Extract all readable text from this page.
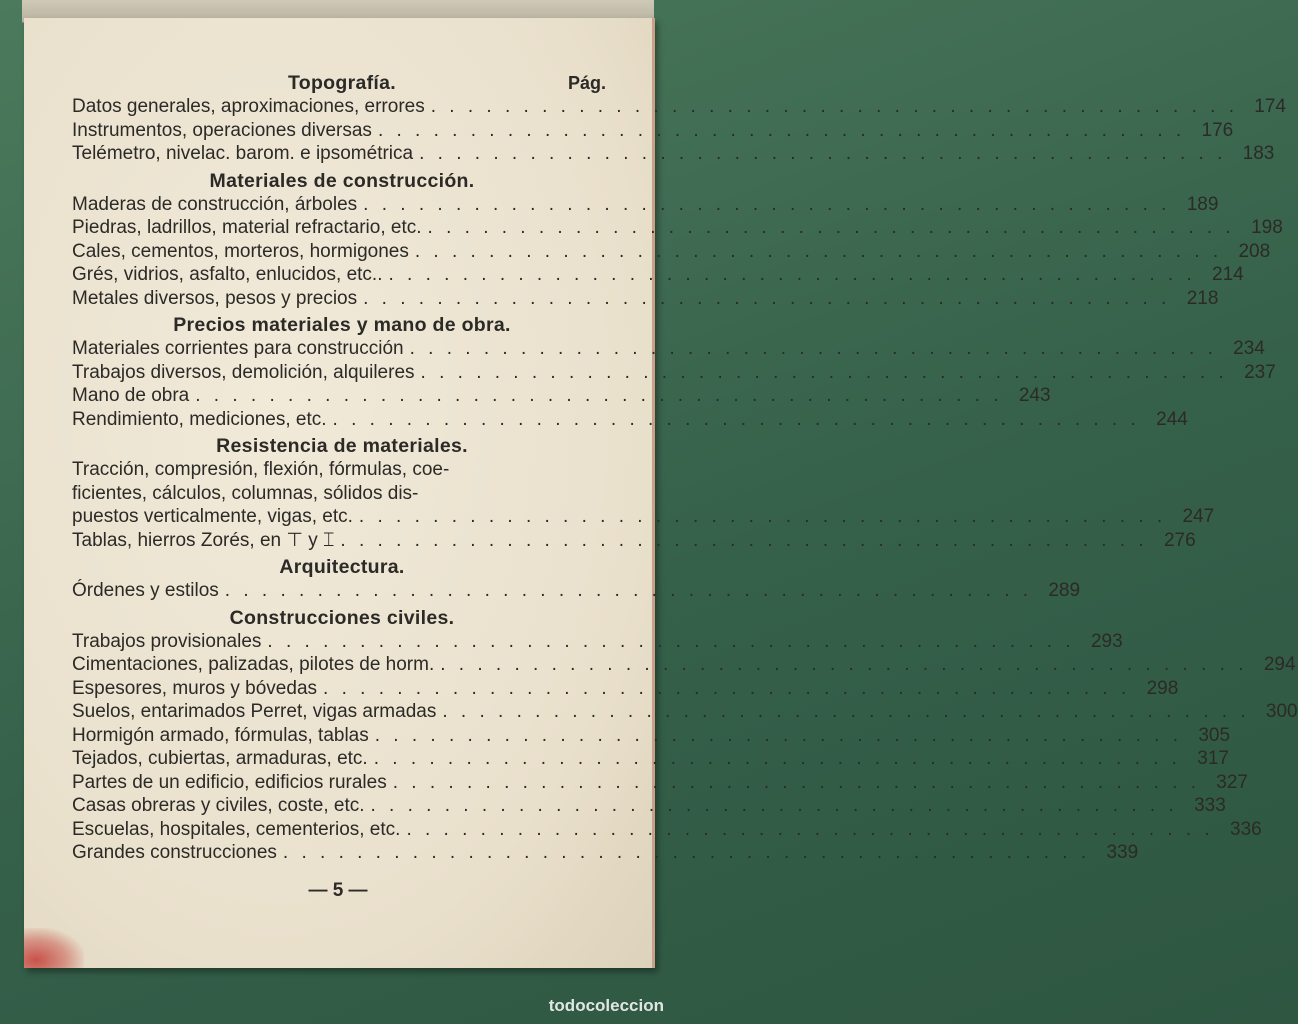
Topografía.	Pág.
Datos generales, aproximaciones, errores . . . . . . . . . . . . . . . . . . . . . . . . . . . . . . . . . . . . . . . . . . . . 174
Instrumentos, operaciones diversas . . . . . . . . . . . . . . . . . . . . . . . . . . . . . . . . . . . . . . . . . . . . 176
Telémetro, nivelac. barom. e ipsométrica . . . . . . . . . . . . . . . . . . . . . . . . . . . . . . . . . . . . . . . . . . . . 183
Materiales de construcción.
Maderas de construcción, árboles . . . . . . . . . . . . . . . . . . . . . . . . . . . . . . . . . . . . . . . . . . . . 189
Piedras, ladrillos, material refractario, etc. . . . . . . . . . . . . . . . . . . . . . . . . . . . . . . . . . . . . . . . . . . . . 198
Cales, cementos, morteros, hormigones . . . . . . . . . . . . . . . . . . . . . . . . . . . . . . . . . . . . . . . . . . . . 208
Grés, vidrios, asfalto, enlucidos, etc.. . . . . . . . . . . . . . . . . . . . . . . . . . . . . . . . . . . . . . . . . . . . . 214
Metales diversos, pesos y precios . . . . . . . . . . . . . . . . . . . . . . . . . . . . . . . . . . . . . . . . . . . . 218
Precios materiales y mano de obra.
Materiales corrientes para construcción . . . . . . . . . . . . . . . . . . . . . . . . . . . . . . . . . . . . . . . . . . . . 234
Trabajos diversos, demolición, alquileres . . . . . . . . . . . . . . . . . . . . . . . . . . . . . . . . . . . . . . . . . . . . 237
Mano de obra . . . . . . . . . . . . . . . . . . . . . . . . . . . . . . . . . . . . . . . . . . . . 243
Rendimiento, mediciones, etc. . . . . . . . . . . . . . . . . . . . . . . . . . . . . . . . . . . . . . . . . . . . . 244
Resistencia de materiales.
Tracción, compresión, flexión, fórmulas, coe-
ficientes, cálculos, columnas, sólidos dis-
puestos verticalmente, vigas, etc. . . . . . . . . . . . . . . . . . . . . . . . . . . . . . . . . . . . . . . . . . . . . 247
Tablas, hierros Zorés, en ⊤ y ⌶ . . . . . . . . . . . . . . . . . . . . . . . . . . . . . . . . . . . . . . . . . . . . 276
Arquitectura.
Órdenes y estilos . . . . . . . . . . . . . . . . . . . . . . . . . . . . . . . . . . . . . . . . . . . . 289
Construcciones civiles.
Trabajos provisionales . . . . . . . . . . . . . . . . . . . . . . . . . . . . . . . . . . . . . . . . . . . . 293
Cimentaciones, palizadas, pilotes de horm. . . . . . . . . . . . . . . . . . . . . . . . . . . . . . . . . . . . . . . . . . . . . 294
Espesores, muros y bóvedas . . . . . . . . . . . . . . . . . . . . . . . . . . . . . . . . . . . . . . . . . . . . 298
Suelos, entarimados Perret, vigas armadas . . . . . . . . . . . . . . . . . . . . . . . . . . . . . . . . . . . . . . . . . . . . 300
Hormigón armado, fórmulas, tablas . . . . . . . . . . . . . . . . . . . . . . . . . . . . . . . . . . . . . . . . . . . . 305
Tejados, cubiertas, armaduras, etc. . . . . . . . . . . . . . . . . . . . . . . . . . . . . . . . . . . . . . . . . . . . . 317
Partes de un edificio, edificios rurales . . . . . . . . . . . . . . . . . . . . . . . . . . . . . . . . . . . . . . . . . . . . 327
Casas obreras y civiles, coste, etc. . . . . . . . . . . . . . . . . . . . . . . . . . . . . . . . . . . . . . . . . . . . . 333
Escuelas, hospitales, cementerios, etc. . . . . . . . . . . . . . . . . . . . . . . . . . . . . . . . . . . . . . . . . . . . . 336
Grandes construcciones . . . . . . . . . . . . . . . . . . . . . . . . . . . . . . . . . . . . . . . . . . . . 339
— 5 —
todocoleccion
